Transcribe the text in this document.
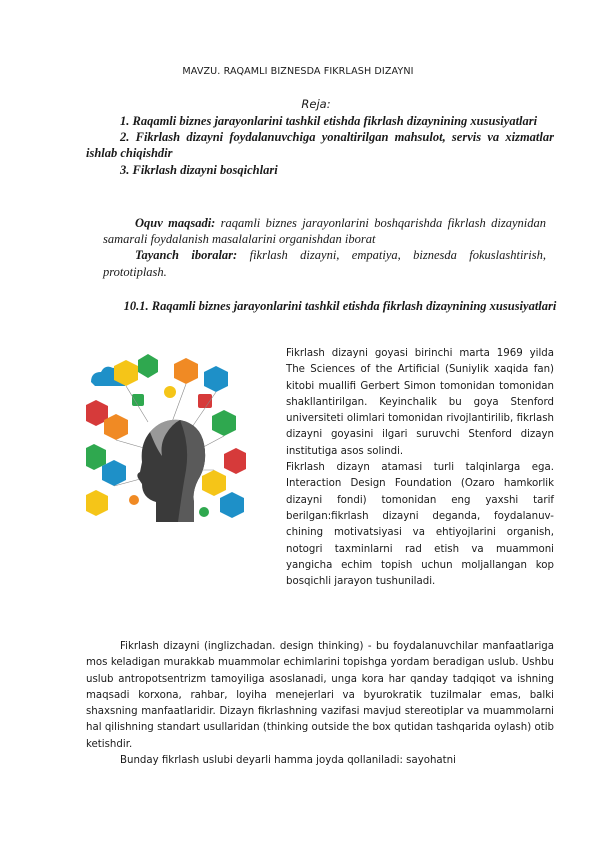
MAVZU. RAQAMLI BIZNESDA FIKRLASH DIZAYNI
Reja:

1. Raqamli biznes jarayonlarini tashkil etishda fikrlash dizaynining xususiyatlari

2. Fikrlash dizayni foydalanuvchiga yonaltirilgan mahsulot, servis va xizmatlar ishlab chiqishdir

3. Fikrlash dizayni bosqichlari

Oquv maqsadi: raqamli biznes jarayonlarini boshqarishda fikrlash dizaynidan samarali foydalanish masalalarini organishdan iborat

Tayanch iboralar: fikrlash dizayni, empatiya, biznesda fokuslashtirish, prototiplash.

10.1. Raqamli biznes jarayonlarini tashkil etishda fikrlash dizaynining xususiyatlari

Fikrlash dizayni goyasi birinchi marta 1969 yilda The Sciences of the Artificial (Suniylik xaqida fan) kitobi muallifi Gerbert Simon tomonidan tomonidan shakllantirilgan. Keyinchalik bu goya Stenford universiteti olimlari tomonidan rivojlantirilib, fikrlash dizayni goyasini ilgari suruvchi Stenford dizayn institutiga asos solindi.

Fikrlash dizayn atamasi turli talqinlarga ega. Interaction Design Foundation (Ozaro hamkorlik dizayni fondi) tomonidan eng yaxshi tarif berilgan:fikrlash dizayni deganda, foydalanuv- chining motivatsiyasi va ehtiyojlarini organish, notogri taxminlarni rad etish va muammoni yangicha echim topish uchun moljallangan kop bosqichli jarayon tushuniladi.

Fikrlash dizayni (inglizchadan. design thinking) - bu foydalanuvchilar manfaatlariga mos keladigan murakkab muammolar echimlarini topishga yordam beradigan uslub. Ushbu uslub antropotsentrizm tamoyiliga asoslanadi, unga kora har qanday tadqiqot va ishning maqsadi korxona, rahbar, loyiha menejerlari va byurokratik tuzilmalar emas, balki shaxsning manfaatlaridir. Dizayn fikrlashning vazifasi mavjud stereotiplar va muammolarni hal qilishning standart usullaridan (thinking outside the box qutidan tashqarida oylash) otib ketishdir.

Bunday fikrlash uslubi deyarli hamma joyda qollaniladi: sayohatni
